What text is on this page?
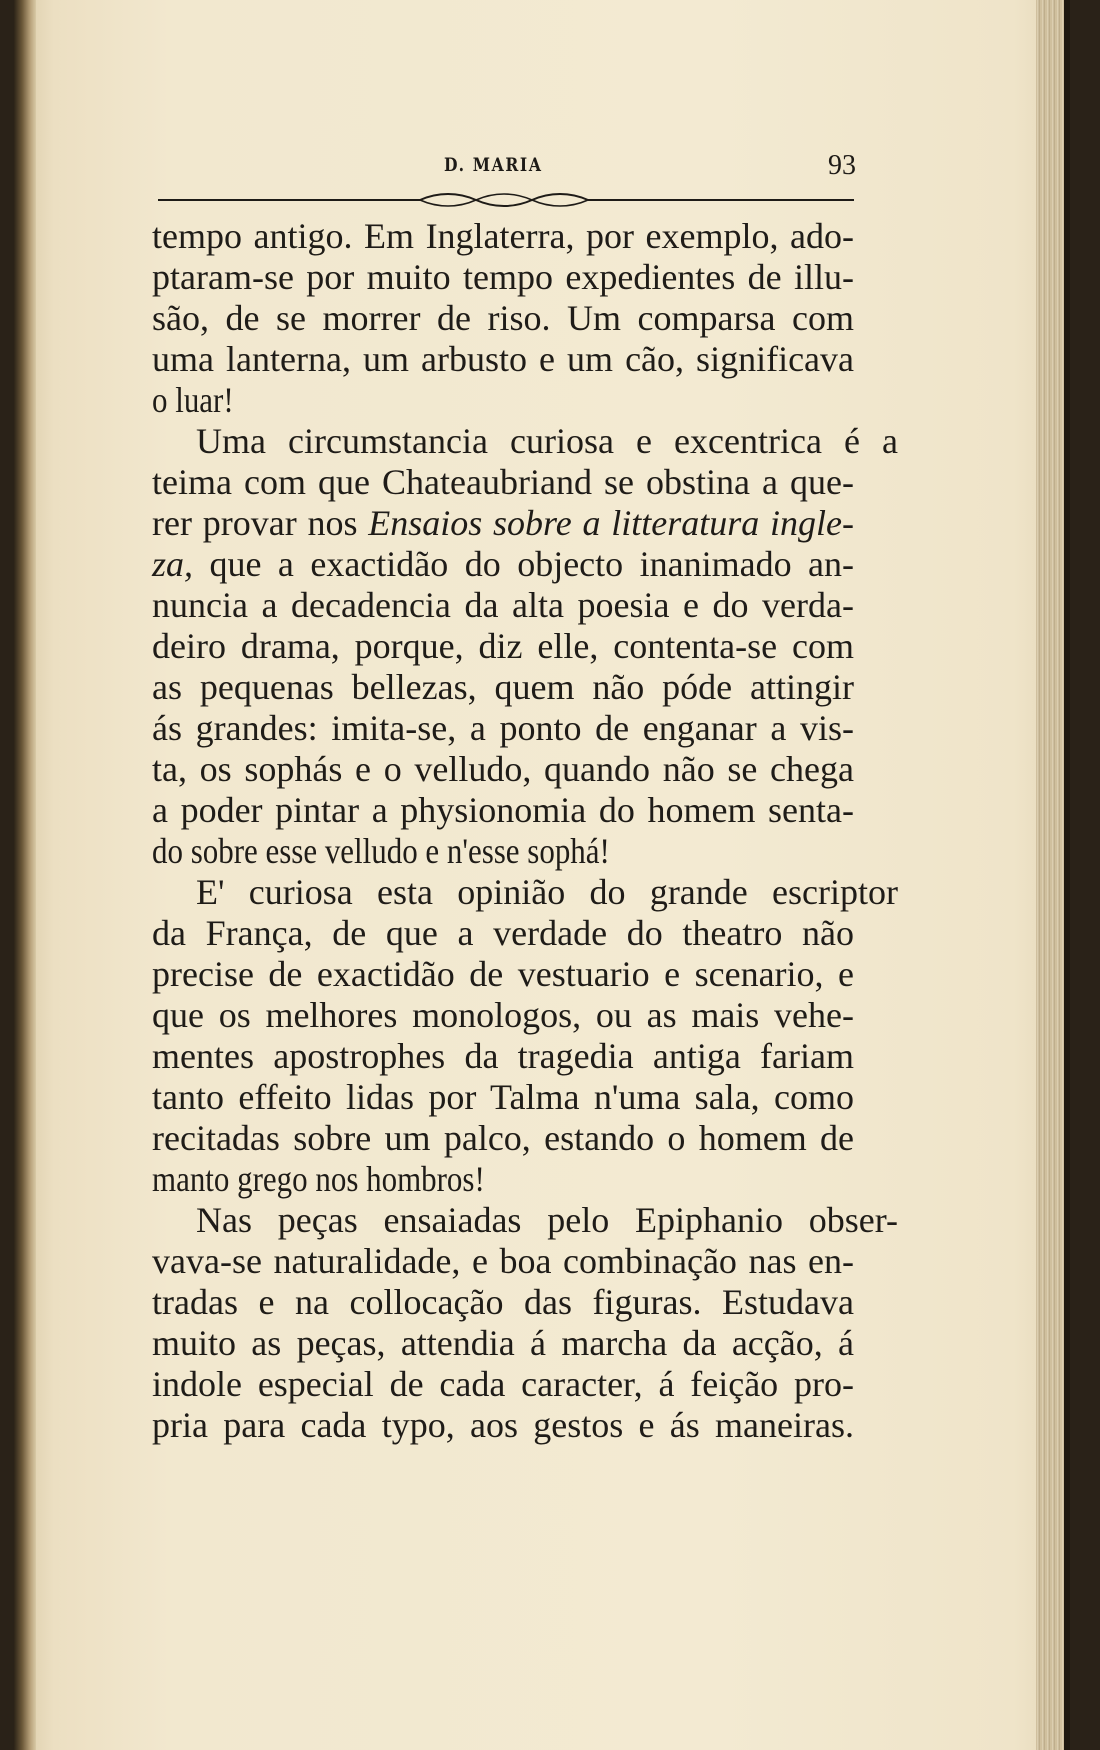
D. MARIA	93
tempo antigo. Em Inglaterra, por exemplo, ado-
ptaram-se por muito tempo expedientes de illu-
são, de se morrer de riso. Um comparsa com
uma lanterna, um arbusto e um cão, significava
o luar!
Uma circumstancia curiosa e excentrica é a
teima com que Chateaubriand se obstina a que-
rer provar nos Ensaios sobre a litteratura ingle-
za, que a exactidão do objecto inanimado an-
nuncia a decadencia da alta poesia e do verda-
deiro drama, porque, diz elle, contenta-se com
as pequenas bellezas, quem não póde attingir
ás grandes: imita-se, a ponto de enganar a vis-
ta, os sophás e o velludo, quando não se chega
a poder pintar a physionomia do homem senta-
do sobre esse velludo e n'esse sophá!
E' curiosa esta opinião do grande escriptor
da França, de que a verdade do theatro não
precise de exactidão de vestuario e scenario, e
que os melhores monologos, ou as mais vehe-
mentes apostrophes da tragedia antiga fariam
tanto effeito lidas por Talma n'uma sala, como
recitadas sobre um palco, estando o homem de
manto grego nos hombros!
Nas peças ensaiadas pelo Epiphanio obser-
vava-se naturalidade, e boa combinação nas en-
tradas e na collocação das figuras. Estudava
muito as peças, attendia á marcha da acção, á
indole especial de cada caracter, á feição pro-
pria para cada typo, aos gestos e ás maneiras.
